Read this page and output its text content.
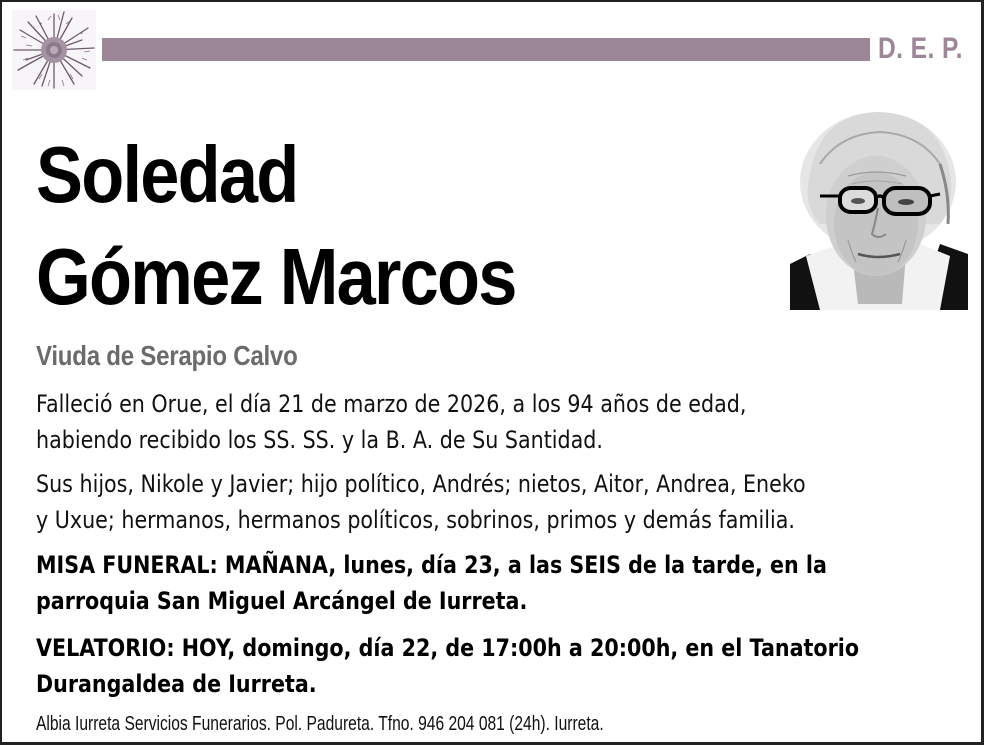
D. E. P.
Soledad
Gómez Marcos
Viuda de Serapio Calvo
Falleció en Orue, el día 21 de marzo de 2026, a los 94 años de edad,
habiendo recibido los SS. SS. y la B. A. de Su Santidad.
Sus hijos, Nikole y Javier; hijo político, Andrés; nietos, Aitor, Andrea, Eneko
y Uxue; hermanos, hermanos políticos, sobrinos, primos y demás familia.
MISA FUNERAL: MAÑANA, lunes, día 23, a las SEIS de la tarde, en la
parroquia San Miguel Arcángel de Iurreta.
VELATORIO: HOY, domingo, día 22, de 17:00h a 20:00h, en el Tanatorio
Durangaldea de Iurreta.
Albia Iurreta Servicios Funerarios. Pol. Padureta. Tfno. 946 204 081 (24h). Iurreta.
